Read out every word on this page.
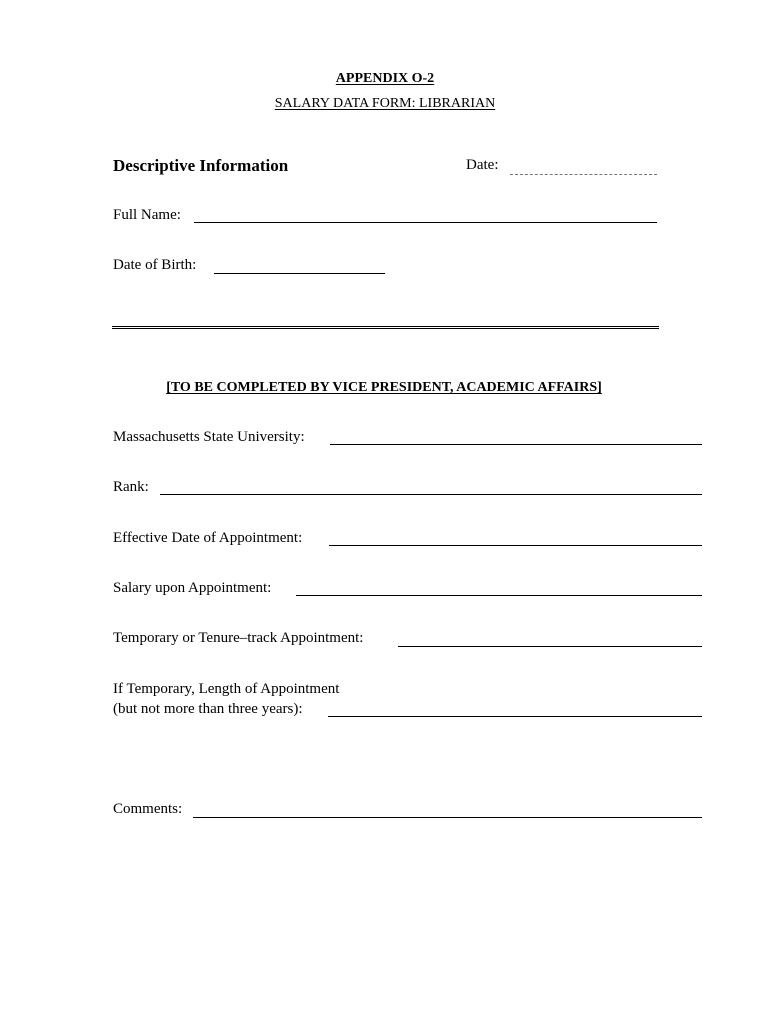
APPENDIX O-2
SALARY DATA FORM: LIBRARIAN
Descriptive Information	Date:
Full Name:
Date of Birth:
[TO BE COMPLETED BY VICE PRESIDENT, ACADEMIC AFFAIRS]
Massachusetts State University:
Rank:
Effective Date of Appointment:
Salary upon Appointment:
Temporary or Tenure–track Appointment:
If Temporary, Length of Appointment
(but not more than three years):
Comments:
